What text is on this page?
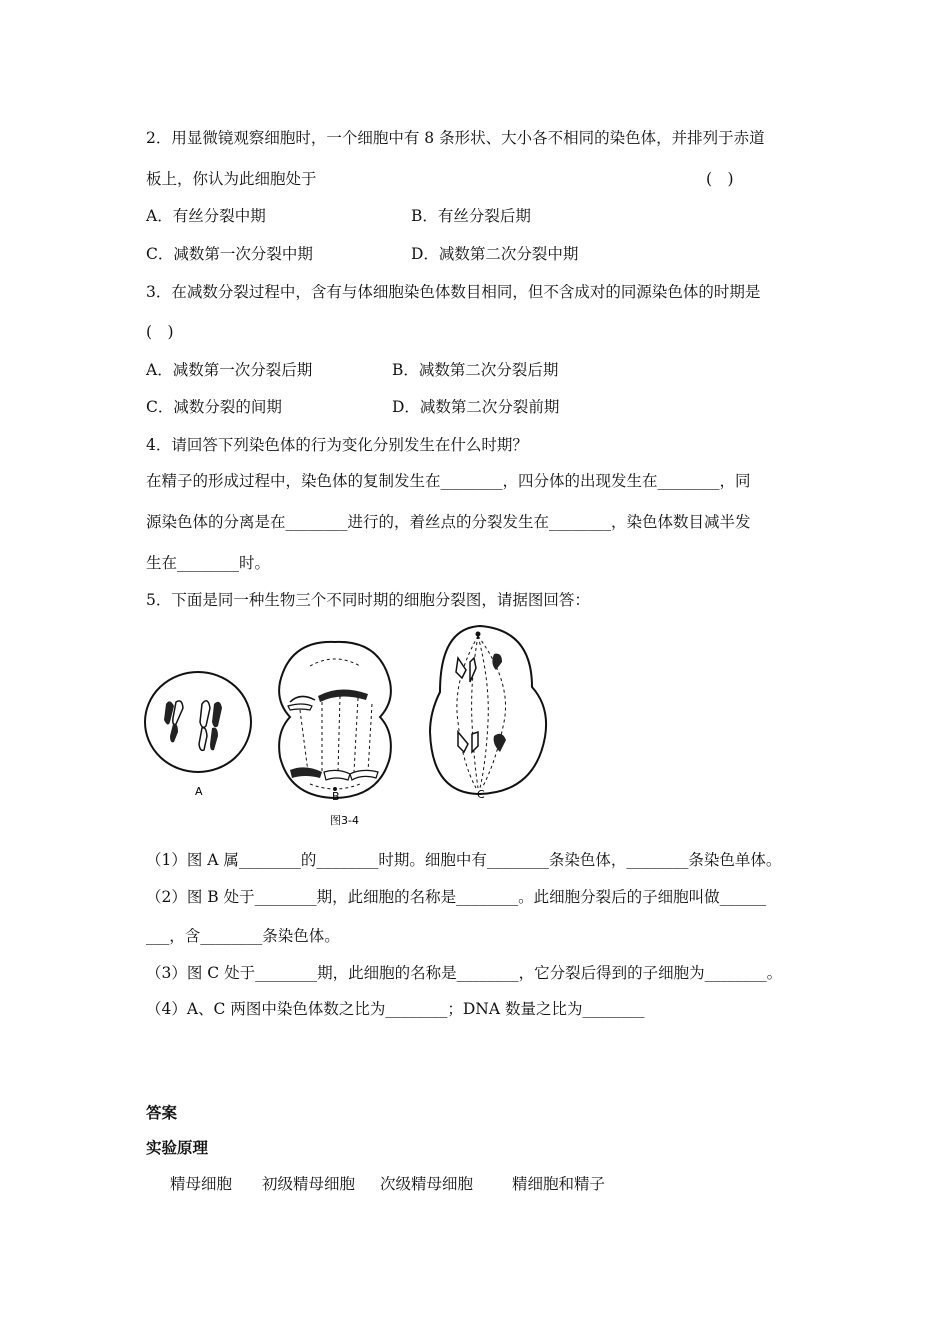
2．用显微镜观察细胞时，一个细胞中有 8 条形状、大小各不相同的染色体，并排列于赤道
板上，你认为此细胞处于	(　)
A．有丝分裂中期	B．有丝分裂后期
C．减数第一次分裂中期	D．减数第二次分裂中期
3．在减数分裂过程中，含有与体细胞染色体数目相同，但不含成对的同源染色体的时期是
(　)
A．减数第一次分裂后期	B．减数第二次分裂后期
C．减数分裂的间期	D．减数第二次分裂前期
4．请回答下列染色体的行为变化分别发生在什么时期？
在精子的形成过程中，染色体的复制发生在________，四分体的出现发生在________，同
源染色体的分离是在________进行的，着丝点的分裂发生在________，染色体数目减半发
生在________时。
5．下面是同一种生物三个不同时期的细胞分裂图，请据图回答：
A	B	C
图3-4
（1）图 A 属________的________时期。细胞中有________条染色体，________条染色单体。
（2）图 B 处于________期，此细胞的名称是________。此细胞分裂后的子细胞叫做______
___，含________条染色体。
（3）图 C 处于________期，此细胞的名称是________，它分裂后得到的子细胞为________。
（4）A、C 两图中染色体数之比为________；DNA 数量之比为________
答案
实验原理
精母细胞 初级精母细胞 次级精母细胞	精细胞和精子
